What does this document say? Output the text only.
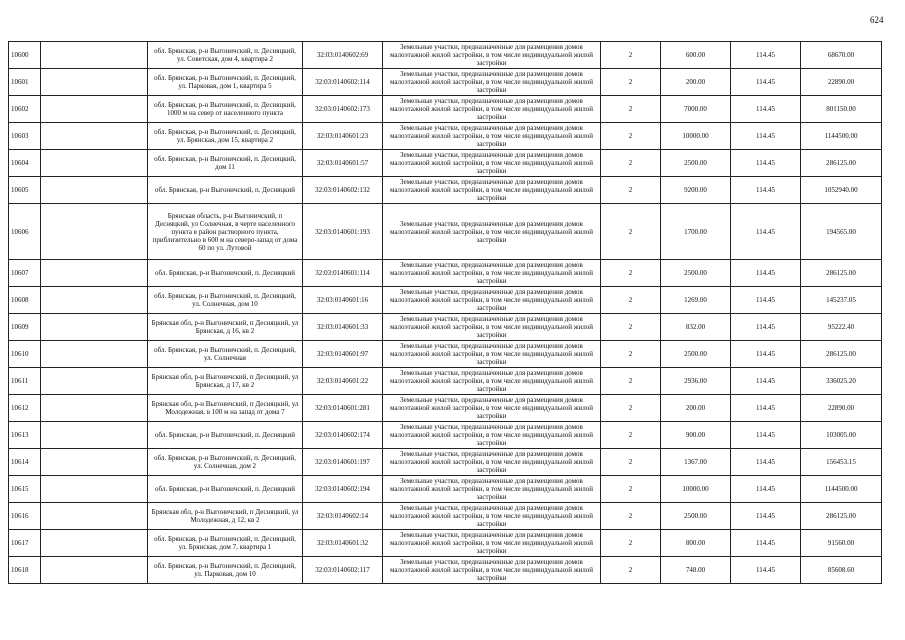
624
10600		обл. Брянская, р-н Выгоничский, п. Десняцкий, ул. Советская, дом 4, квартира 2	32:03:0140602:69	Земельные участки, предназначенные для размещения домов малоэтажной жилой застройки, в том числе индивидуальной жилой застройки	2	600.00	114.45	68670.00
10601		обл. Брянская, р-н Выгоничский, п. Десняцкий, ул. Парковая, дом 1, квартира 5	32:03:0140602:114	Земельные участки, предназначенные для размещения домов малоэтажной жилой застройки, в том числе индивидуальной жилой застройки	2	200.00	114.45	22890.00
10602		обл. Брянская, р-н Выгоничский, п. Десняцкий, 1000 м на север от населенного пункта	32:03:0140602:173	Земельные участки, предназначенные для размещения домов малоэтажной жилой застройки, в том числе индивидуальной жилой застройки	2	7000.00	114.45	801150.00
10603		обл. Брянская, р-н Выгоничский, п. Десняцкий, ул. Брянская, дом 15, квартира 2	32:03:0140601:23	Земельные участки, предназначенные для размещения домов малоэтажной жилой застройки, в том числе индивидуальной жилой застройки	2	10000.00	114.45	1144500.00
10604		обл. Брянская, р-н Выгоничский, п. Десняцкий, дом 11	32:03:0140601:57	Земельные участки, предназначенные для размещения домов малоэтажной жилой застройки, в том числе индивидуальной жилой застройки	2	2500.00	114.45	286125.00
10605		обл. Брянская, р-н Выгоничский, п. Десняцкий	32:03:0140602:132	Земельные участки, предназначенные для размещения домов малоэтажной жилой застройки, в том числе индивидуальной жилой застройки	2	9200.00	114.45	1052940.00
10606		Брянская область, р-н Выгоничский, п Десняцкий, ул Солнечная, в черте населенного пункта в район растворного пункта, приблизительно в 600 м на северо-запад от дома 60 по ул. Лутовой	32:03:0140601:193	Земельные участки, предназначенные для размещения домов малоэтажной жилой застройки, в том числе индивидуальной жилой застройки	2	1700.00	114.45	194565.00
10607		обл. Брянская, р-н Выгоничский, п. Десняцкий	32:03:0140601:114	Земельные участки, предназначенные для размещения домов малоэтажной жилой застройки, в том числе индивидуальной жилой застройки	2	2500.00	114.45	286125.00
10608		обл. Брянская, р-н Выгоничский, п. Десняцкий, ул. Солнечная, дом 10	32:03:0140601:16	Земельные участки, предназначенные для размещения домов малоэтажной жилой застройки, в том числе индивидуальной жилой застройки	2	1269.00	114.45	145237.05
10609		Брянская обл, р-н Выгоничский, п Десняцкий, ул Брянская, д 16, кв 2	32:03:0140601:33	Земельные участки, предназначенные для размещения домов малоэтажной жилой застройки, в том числе индивидуальной жилой застройки	2	832.00	114.45	95222.40
10610		обл. Брянская, р-н Выгоничский, п. Десняцкий, ул. Солнечная	32:03:0140601:97	Земельные участки, предназначенные для размещения домов малоэтажной жилой застройки, в том числе индивидуальной жилой застройки	2	2500.00	114.45	286125.00
10611		Брянская обл, р-н Выгоничский, п Десняцкий, ул Брянская, д 17, кв 2	32:03:0140601:22	Земельные участки, предназначенные для размещения домов малоэтажной жилой застройки, в том числе индивидуальной жилой застройки	2	2936.00	114.45	336025.20
10612		Брянская обл, р-н Выгоничский, п Десняцкий, ул Молодежная, в 100 м на запад от дома 7	32:03:0140601:281	Земельные участки, предназначенные для размещения домов малоэтажной жилой застройки, в том числе индивидуальной жилой застройки	2	200.00	114.45	22890.00
10613		обл. Брянская, р-н Выгоничский, п. Десняцкий	32:03:0140602:174	Земельные участки, предназначенные для размещения домов малоэтажной жилой застройки, в том числе индивидуальной жилой застройки	2	900.00	114.45	103005.00
10614		обл. Брянская, р-н Выгоничский, п. Десняцкий, ул. Солнечная, дом 2	32:03:0140601:197	Земельные участки, предназначенные для размещения домов малоэтажной жилой застройки, в том числе индивидуальной жилой застройки	2	1367.00	114.45	156453.15
10615		обл. Брянская, р-н Выгоничский, п. Десняцкий	32:03:0140602:194	Земельные участки, предназначенные для размещения домов малоэтажной жилой застройки, в том числе индивидуальной жилой застройки	2	10000.00	114.45	1144500.00
10616		Брянская обл, р-н Выгоничский, п Десняцкий, ул Молодежная, д 12, кв 2	32:03:0140602:14	Земельные участки, предназначенные для размещения домов малоэтажной жилой застройки, в том числе индивидуальной жилой застройки	2	2500.00	114.45	286125.00
10617		обл. Брянская, р-н Выгоничский, п. Десняцкий, ул. Брянская, дом 7, квартира 1	32:03:0140601:32	Земельные участки, предназначенные для размещения домов малоэтажной жилой застройки, в том числе индивидуальной жилой застройки	2	800.00	114.45	91560.00
10618		обл. Брянская, р-н Выгоничский, п. Десняцкий, ул. Парковая, дом 10	32:03:0140602:117	Земельные участки, предназначенные для размещения домов малоэтажной жилой застройки, в том числе индивидуальной жилой застройки	2	748.00	114.45	85608.60
